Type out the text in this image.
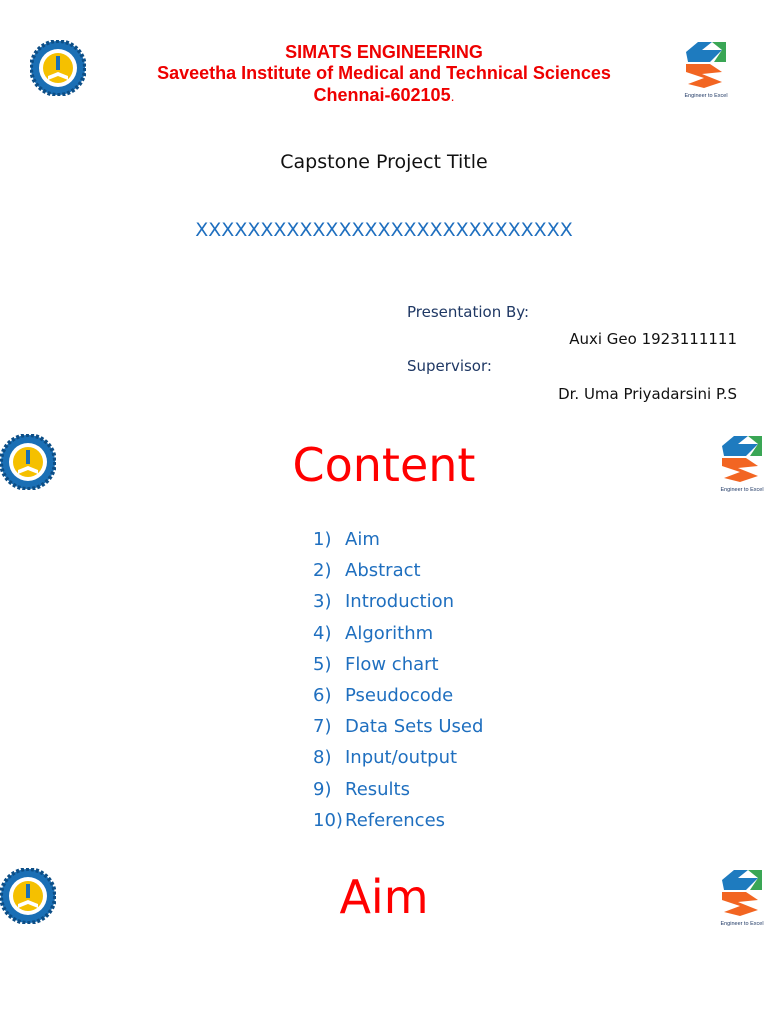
SIMATS ENGINEERING
Saveetha Institute of Medical and Technical Sciences
Chennai-602105.	Engineer to Excel
Capstone Project Title
XXXXXXXXXXXXXXXXXXXXXXXXXXXXX
Presentation By:
Auxi Geo 1923111111
Supervisor:
Dr. Uma Priyadarsini P.S
Content	Engineer to Excel
1) Aim
2) Abstract
3) Introduction
4) Algorithm
5) Flow chart
6) Pseudocode
7) Data Sets Used
8) Input/output
9) Results
10) References
Aim	Engineer to Excel
